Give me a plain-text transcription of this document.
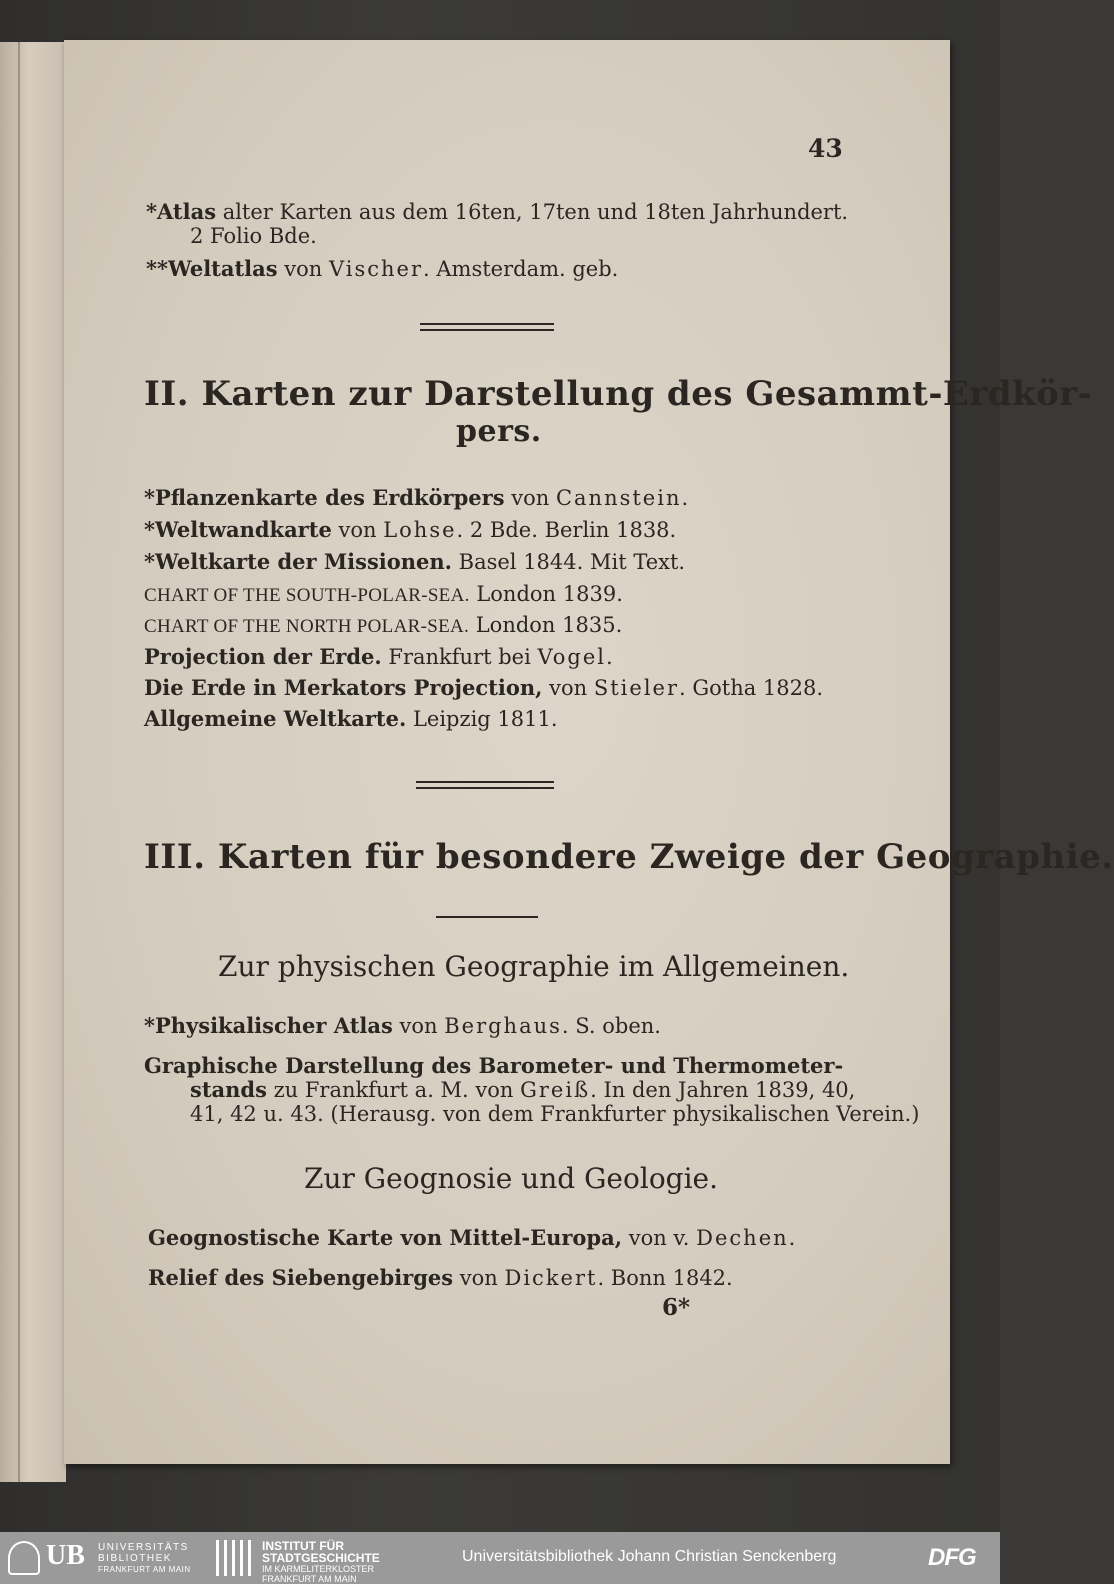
43
*Atlas alter Karten aus dem 16ten, 17ten und 18ten Jahrhundert.
2 Folio Bde.
**Weltatlas von Vischer. Amsterdam. geb.
II. Karten zur Darstellung des Gesammt-Erdkör-
pers.
*Pflanzenkarte des Erdkörpers von Cannstein.
*Weltwandkarte von Lohse. 2 Bde. Berlin 1838.
*Weltkarte der Missionen. Basel 1844. Mit Text.
CHART OF THE SOUTH-POLAR-SEA. London 1839.
CHART OF THE NORTH POLAR-SEA. London 1835.
Projection der Erde. Frankfurt bei Vogel.
Die Erde in Merkators Projection, von Stieler. Gotha 1828.
Allgemeine Weltkarte. Leipzig 1811.
III. Karten für besondere Zweige der Geographie.
Zur physischen Geographie im Allgemeinen.
*Physikalischer Atlas von Berghaus. S. oben.
Graphische Darstellung des Barometer- und Thermometer-
stands zu Frankfurt a. M. von Greiß. In den Jahren 1839, 40,
41, 42 u. 43. (Herausg. von dem Frankfurter physikalischen Verein.)
Zur Geognosie und Geologie.
Geognostische Karte von Mittel-Europa, von v. Dechen.
Relief des Siebengebirges von Dickert. Bonn 1842.
6*
UB UNIVERSITÄTS
BIBLIOTHEK
FRANKFURT AM MAIN
INSTITUT FÜR
STADTGESCHICHTE
IM KARMELITERKLOSTER
FRANKFURT AM MAIN
Universitätsbibliothek Johann Christian Senckenberg	DFG
